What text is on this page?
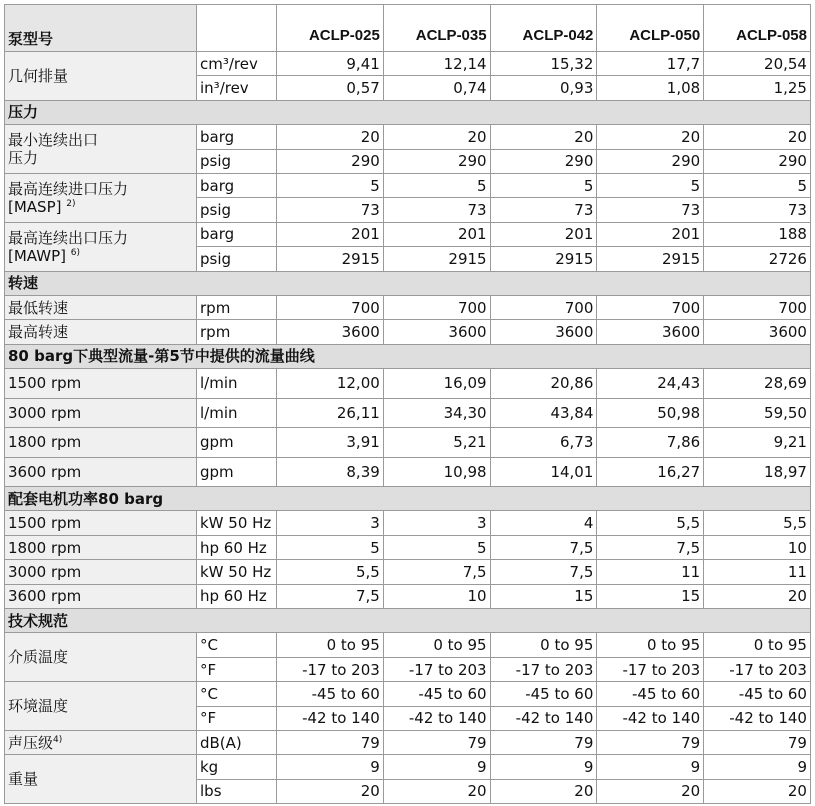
泵型号		ACLP-025	ACLP-035	ACLP-042	ACLP-050	ACLP-058
几何排量	cm³/rev	9,41	12,14	15,32	17,7	20,54
	in³/rev	0,57	0,74	0,93	1,08	1,25
压力						
最小连续出口
压力	barg	20	20	20	20	20
	psig	290	290	290	290	290
最高连续进口压力
[MASP] $^{2)}$	barg	5	5	5	5	5
	psig	73	73	73	73	73
最高连续出口压力
[MAWP] $^{6)}$	barg	201	201	201	201	188
	psig	2915	2915	2915	2915	2726
转速						
最低转速	rpm	700	700	700	700	700
最高转速	rpm	3600	3600	3600	3600	3600
80 barg下典型流量-第5节中提供的流量曲线						
1500 rpm	l/min	12,00	16,09	20,86	24,43	28,69
3000 rpm	l/min	26,11	34,30	43,84	50,98	59,50
1800 rpm	gpm	3,91	5,21	6,73	7,86	9,21
3600 rpm	gpm	8,39	10,98	14,01	16,27	18,97
配套电机功率80 barg						
1500 rpm	kW 50 Hz	3	3	4	5,5	5,5
1800 rpm	hp 60 Hz	5	5	7,5	7,5	10
3000 rpm	kW 50 Hz	5,5	7,5	7,5	11	11
3600 rpm	hp 60 Hz	7,5	10	15	15	20
技术规范						
介质温度	°C	0 to 95	0 to 95	0 to 95	0 to 95	0 to 95
	°F	-17 to 203	-17 to 203	-17 to 203	-17 to 203	-17 to 203
环境温度	°C	-45 to 60	-45 to 60	-45 to 60	-45 to 60	-45 to 60
	°F	-42 to 140	-42 to 140	-42 to 140	-42 to 140	-42 to 140
声压级$^{4)}$	dB(A)	79	79	79	79	79
重量	kg	9	9	9	9	9
	lbs	20	20	20	20	20
